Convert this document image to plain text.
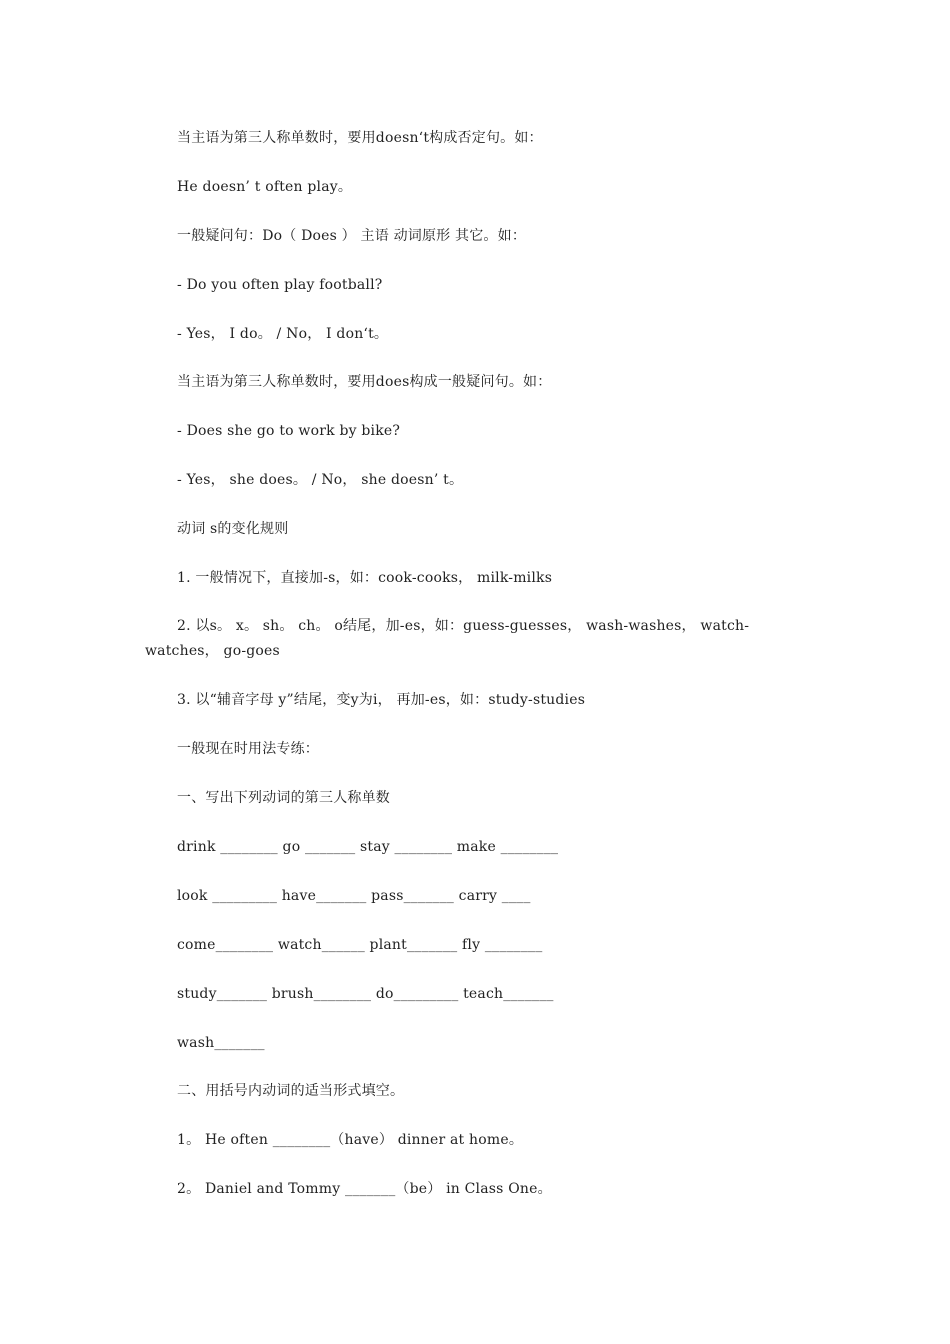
当主语为第三人称单数时，要用doesn‘t构成否定句。如：
He doesn’ t often play。
一般疑问句：Do（ Does ） 主语 动词原形 其它。如：
- Do you often play football?
- Yes， I do。 / No， I don‘t。
当主语为第三人称单数时，要用does构成一般疑问句。如：
- Does she go to work by bike?
- Yes， she does。 / No， she doesn’ t。
动词 s的变化规则
1. 一般情况下，直接加-s，如：cook-cooks， milk-milks
2. 以s。 x。 sh。 ch。 o结尾，加-es，如：guess-guesses， wash-washes， watch-watches， go-goes
3. 以“辅音字母 y”结尾，变y为i， 再加-es，如：study-studies
一般现在时用法专练：
一、写出下列动词的第三人称单数
drink ________ go _______ stay ________ make ________
look _________ have_______ pass_______ carry ____
come________ watch______ plant_______ fly ________
study_______ brush________ do_________ teach_______
wash_______
二、用括号内动词的适当形式填空。
1。 He often ________（have） dinner at home。
2。 Daniel and Tommy _______（be） in Class One。
